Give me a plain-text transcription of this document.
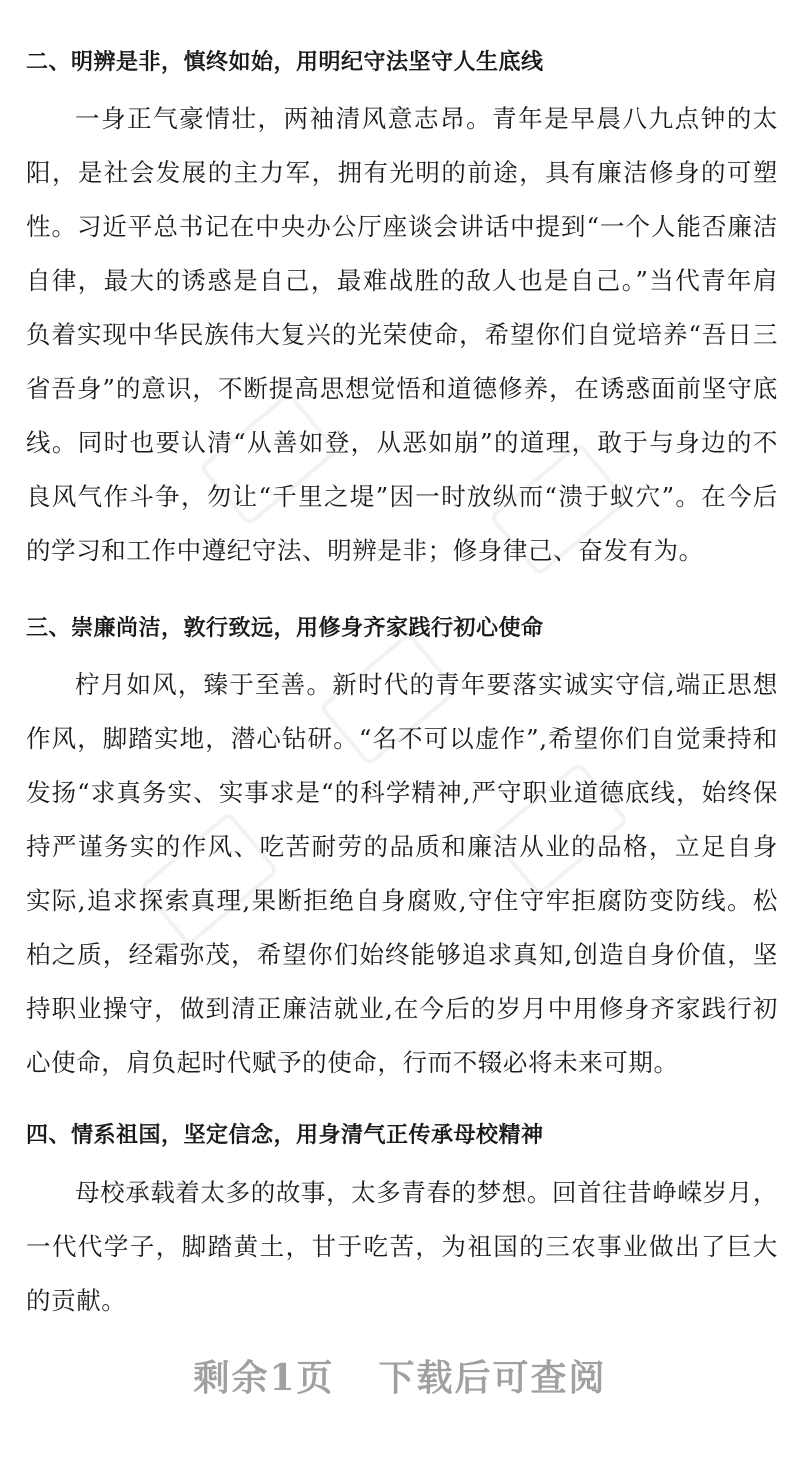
二、明辨是非，慎终如始，用明纪守法坚守人生底线

一身正气豪情壮，两袖清风意志昂。青年是早晨八九点钟的太阳，是社会发展的主力军，拥有光明的前途，具有廉洁修身的可塑性。习近平总书记在中央办公厅座谈会讲话中提到“一个人能否廉洁自律，最大的诱惑是自己，最难战胜的敌人也是自己。”当代青年肩负着实现中华民族伟大复兴的光荣使命，希望你们自觉培养“吾日三省吾身”的意识，不断提高思想觉悟和道德修养，在诱惑面前坚守底线。同时也要认清“从善如登，从恶如崩”的道理，敢于与身边的不良风气作斗争，勿让“千里之堤”因一时放纵而“溃于蚁穴”。在今后的学习和工作中遵纪守法、明辨是非；修身律己、奋发有为。

三、崇廉尚洁，敦行致远，用修身齐家践行初心使命

柠月如风，臻于至善。新时代的青年要落实诚实守信,端正思想作风，脚踏实地，潜心钻研。“名不可以虚作”,希望你们自觉秉持和发扬“求真务实、实事求是“的科学精神,严守职业道德底线，始终保持严谨务实的作风、吃苦耐劳的品质和廉洁从业的品格，立足自身实际,追求探索真理,果断拒绝自身腐败,守住守牢拒腐防变防线。松柏之质，经霜弥茂，希望你们始终能够追求真知,创造自身价值，坚持职业操守，做到清正廉洁就业,在今后的岁月中用修身齐家践行初心使命，肩负起时代赋予的使命，行而不辍必将未来可期。

四、情系祖国，坚定信念，用身清气正传承母校精神

母校承载着太多的故事，太多青春的梦想。回首往昔峥嵘岁月，一代代学子，脚踏黄土，甘于吃苦，为祖国的三农事业做出了巨大的贡献。

剩余1页 下载后可查阅
